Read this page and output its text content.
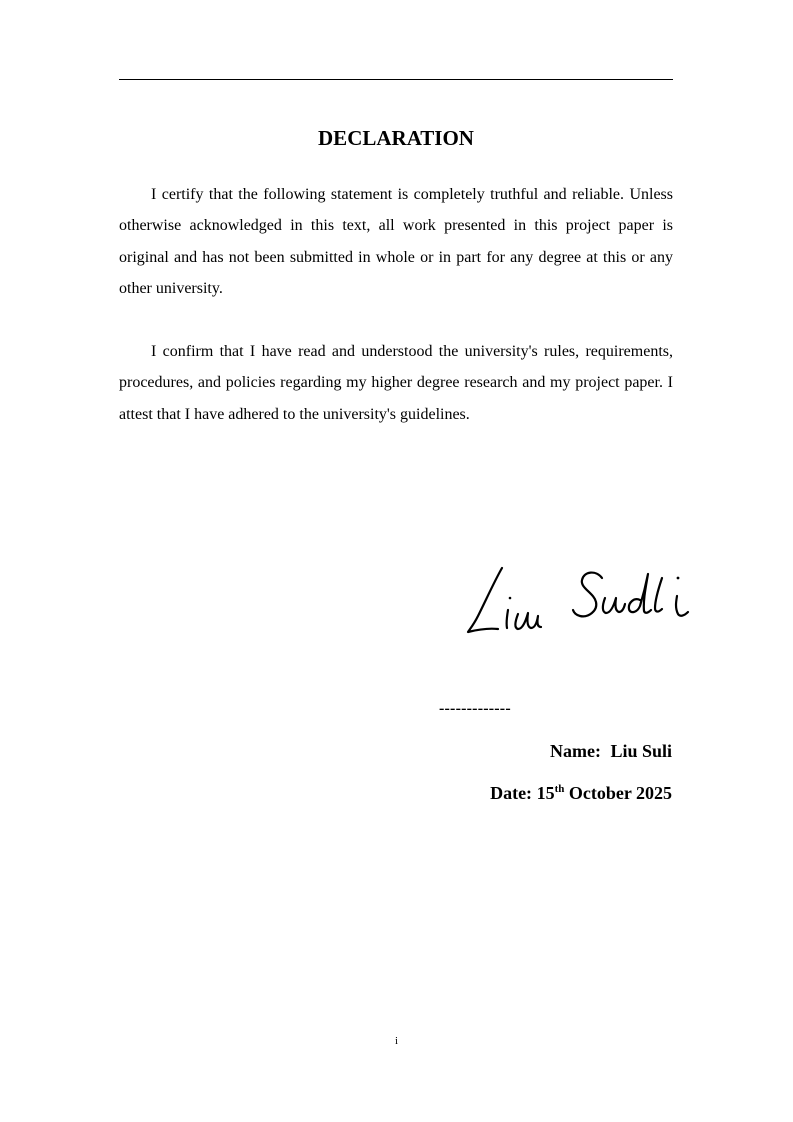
DECLARATION

I certify that the following statement is completely truthful and reliable. Unless otherwise acknowledged in this text, all work presented in this project paper is original and has not been submitted in whole or in part for any degree at this or any other university.

I confirm that I have read and understood the university's rules, requirements, procedures, and policies regarding my higher degree research and my project paper. I attest that I have adhered to the university's guidelines.

-------------
Name: Liu Suli
Date: 15th October 2025
i
